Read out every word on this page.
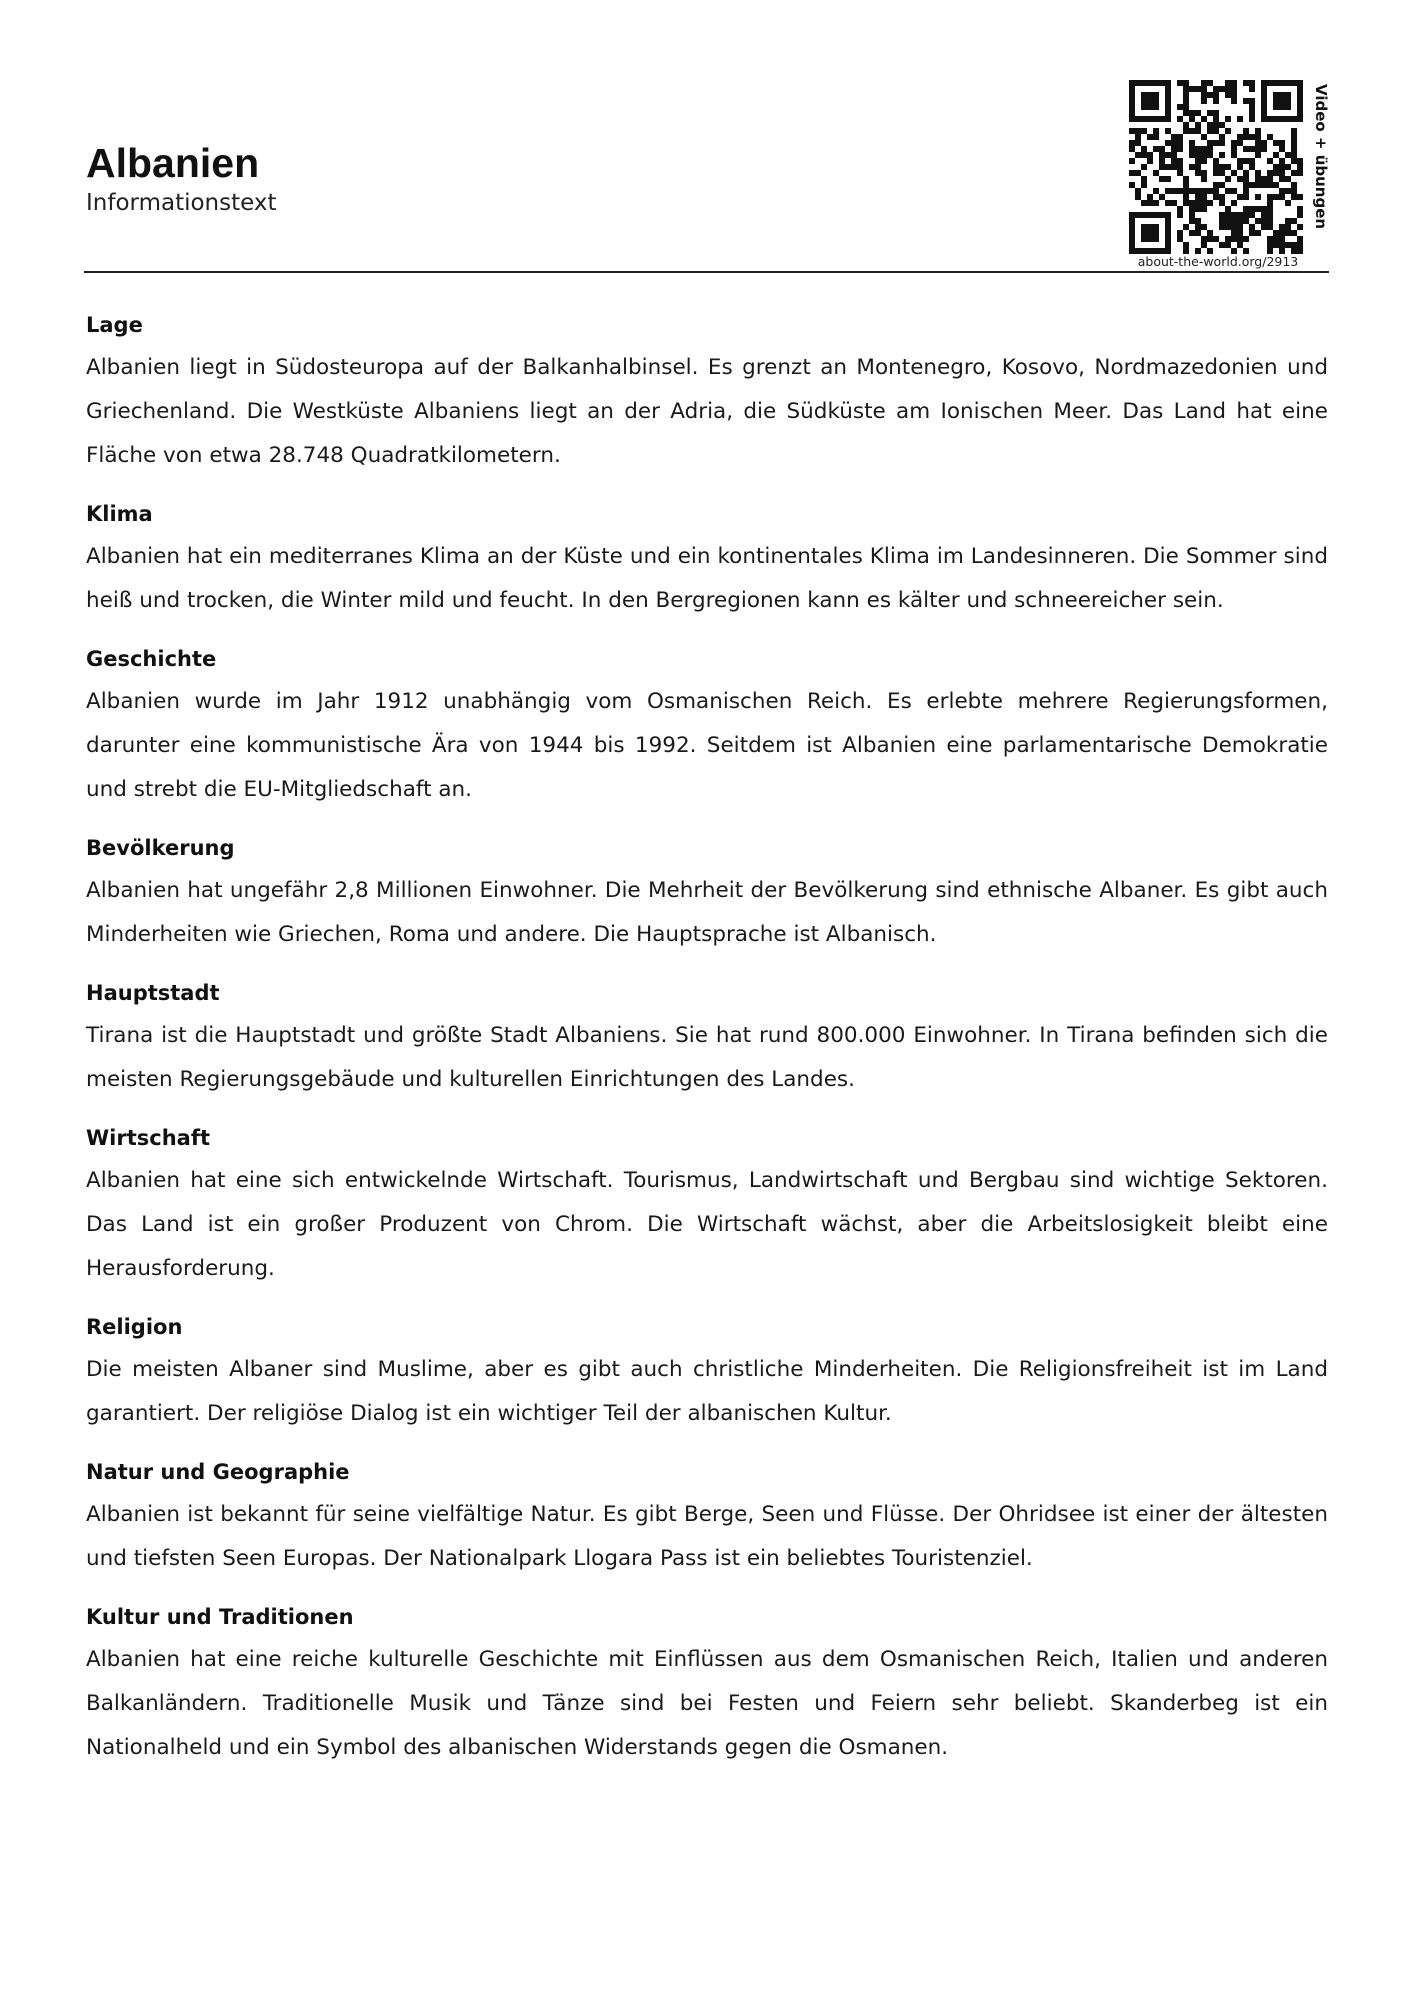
Albanien
Informationstext	Video + übungen
about-the-world.org/2913
Lage

Albanien liegt in Südosteuropa auf der Balkanhalbinsel. Es grenzt an Montenegro, Kosovo, Nordmazedonien und Griechenland. Die Westküste Albaniens liegt an der Adria, die Südküste am Ionischen Meer. Das Land hat eine Fläche von etwa 28.748 Quadratkilometern.

Klima

Albanien hat ein mediterranes Klima an der Küste und ein kontinentales Klima im Landesinneren. Die Sommer sind heiß und trocken, die Winter mild und feucht. In den Bergregionen kann es kälter und schneereicher sein.

Geschichte

Albanien wurde im Jahr 1912 unabhängig vom Osmanischen Reich. Es erlebte mehrere Regierungsformen, darunter eine kommunistische Ära von 1944 bis 1992. Seitdem ist Albanien eine parlamentarische Demokratie und strebt die EU-Mitgliedschaft an.

Bevölkerung

Albanien hat ungefähr 2,8 Millionen Einwohner. Die Mehrheit der Bevölkerung sind ethnische Albaner. Es gibt auch Minderheiten wie Griechen, Roma und andere. Die Hauptsprache ist Albanisch.

Hauptstadt

Tirana ist die Hauptstadt und größte Stadt Albaniens. Sie hat rund 800.000 Einwohner. In Tirana befinden sich die meisten Regierungsgebäude und kulturellen Einrichtungen des Landes.

Wirtschaft

Albanien hat eine sich entwickelnde Wirtschaft. Tourismus, Landwirtschaft und Bergbau sind wichtige Sektoren. Das Land ist ein großer Produzent von Chrom. Die Wirtschaft wächst, aber die Arbeitslosigkeit bleibt eine Herausforderung.

Religion

Die meisten Albaner sind Muslime, aber es gibt auch christliche Minderheiten. Die Religionsfreiheit ist im Land garantiert. Der religiöse Dialog ist ein wichtiger Teil der albanischen Kultur.

Natur und Geographie

Albanien ist bekannt für seine vielfältige Natur. Es gibt Berge, Seen und Flüsse. Der Ohridsee ist einer der ältesten und tiefsten Seen Europas. Der Nationalpark Llogara Pass ist ein beliebtes Touristenziel.

Kultur und Traditionen

Albanien hat eine reiche kulturelle Geschichte mit Einflüssen aus dem Osmanischen Reich, Italien und anderen Balkanländern. Traditionelle Musik und Tänze sind bei Festen und Feiern sehr beliebt. Skanderbeg ist ein Nationalheld und ein Symbol des albanischen Widerstands gegen die Osmanen.
